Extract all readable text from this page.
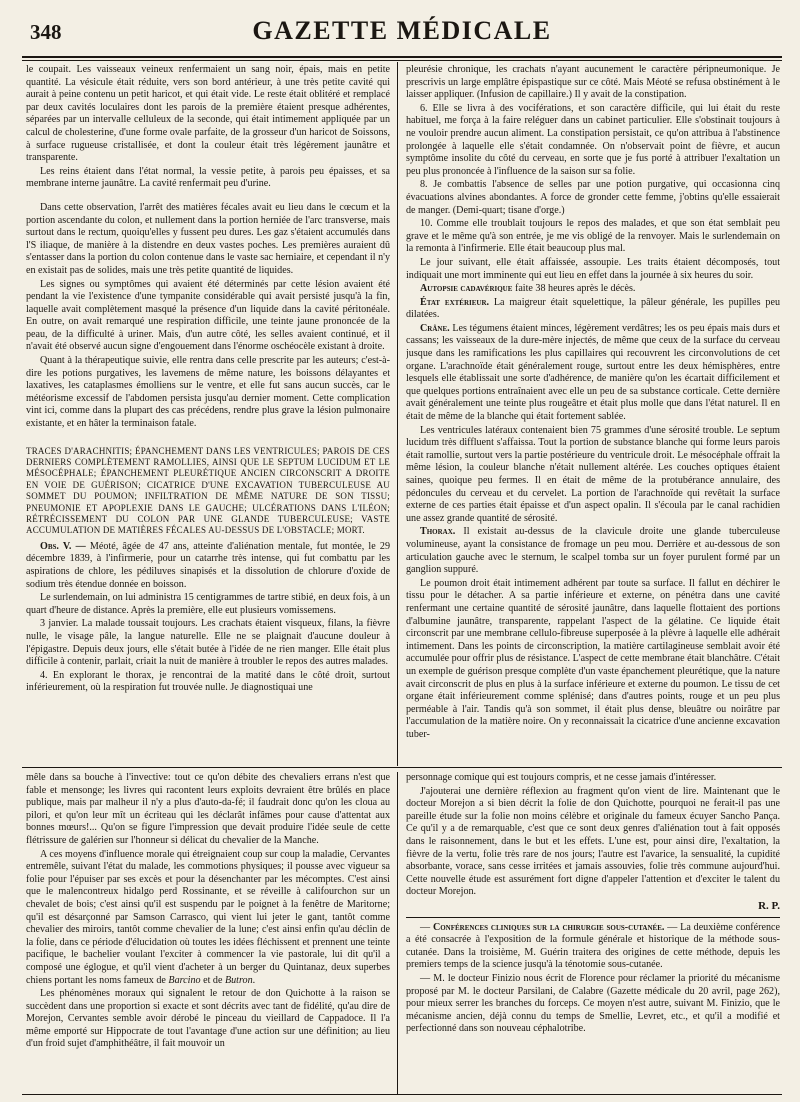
348	GAZETTE MÉDICALE

le coupait. Les vaisseaux veineux renfermaient un sang noir, épais, mais en petite quantité. La vésicule était réduite, vers son bord antérieur, à une très petite cavité qui aurait à peine contenu un petit haricot, et qui était vide. Le reste était oblitéré et remplacé par deux cavités loculaires dont les parois de la première étaient presque adhérentes, séparées par un intervalle celluleux de la seconde, qui était intimement appliquée par un calcul de cholesterine, d'une forme ovale parfaite, de la grosseur d'un haricot de Soissons, à surface rugueuse cristallisée, et dont la couleur était très légèrement jaunâtre et transparente.

Les reins étaient dans l'état normal, la vessie petite, à parois peu épaisses, et sa membrane interne jaunâtre. La cavité renfermait peu d'urine.

Dans cette observation, l'arrêt des matières fécales avait eu lieu dans le cœcum et la portion ascendante du colon, et nullement dans la portion herniée de l'arc transverse, mais surtout dans le rectum, quoiqu'elles y fussent peu dures. Les gaz s'étaient accumulés dans l'S iliaque, de manière à la distendre en deux vastes poches. Les premières auraient dû s'entasser dans la portion du colon contenue dans le vaste sac herniaire, et cependant il n'y en existait pas de solides, mais une très petite quantité de liquides.

Les signes ou symptômes qui avaient été déterminés par cette lésion avaient été pendant la vie l'existence d'une tympanite considérable qui avait persisté jusqu'à la fin, laquelle avait complètement masqué la présence d'un liquide dans la cavité péritonéale. En outre, on avait remarqué une respiration difficile, une teinte jaune prononcée de la peau, de la difficulté à uriner. Mais, d'un autre côté, les selles avaient continué, et il n'avait été observé aucun signe d'engouement dans l'énorme oschéocèle existant à droite.

Quant à la thérapeutique suivie, elle rentra dans celle prescrite par les auteurs; c'est-à-dire les potions purgatives, les lavemens de même nature, les boissons délayantes et laxatives, les cataplasmes émolliens sur le ventre, et elle fut sans aucun succès, car le météorisme excessif de l'abdomen persista jusqu'au dernier moment. Cette complication vint ici, comme dans la plupart des cas précédens, rendre plus grave la lésion pulmonaire existante, et en hâter la terminaison fatale.

TRACES D'ARACHNITIS; ÉPANCHEMENT DANS LES VENTRICULES; PAROIS DE CES DERNIERS COMPLÈTEMENT RAMOLLIES, AINSI QUE LE SEPTUM LUCIDUM ET LE MÉSOCÉPHALE; ÉPANCHEMENT PLEURÉTIQUE ANCIEN CIRCONSCRIT A DROITE EN VOIE DE GUÉRISON; CICATRICE D'UNE EXCAVATION TUBERCULEUSE AU SOMMET DU POUMON; INFILTRATION DE MÊME NATURE DE SON TISSU; PNEUMONIE ET APOPLEXIE DANS LE GAUCHE; ULCÉRATIONS DANS L'ILÉON; RÉTRÉCISSEMENT DU COLON PAR UNE GLANDE TUBERCULEUSE; VASTE ACCUMULATION DE MATIÈRES FÉCALES AU-DESSUS DE L'OBSTACLE; MORT.

Obs. V. — Méoté, âgée de 47 ans, atteinte d'aliénation mentale, fut montée, le 29 décembre 1839, à l'infirmerie, pour un catarrhe très intense, qui fut combattu par les aspirations de chlore, les pédiluves sinapisés et la dissolution de chlorure d'oxide de sodium très étendue donnée en boisson.

Le surlendemain, on lui administra 15 centigrammes de tartre stibié, en deux fois, à un quart d'heure de distance. Après la première, elle eut plusieurs vomissemens.

3 janvier. La malade toussait toujours. Les crachats étaient visqueux, filans, la fièvre nulle, le visage pâle, la langue naturelle. Elle ne se plaignait d'aucune douleur à l'épigastre. Depuis deux jours, elle s'était butée à l'idée de ne rien manger. Elle était plus difficile à contenir, parlait, criait la nuit de manière à troubler le repos des autres malades.

4. En explorant le thorax, je rencontrai de la matité dans le côté droit, surtout inférieurement, où la respiration fut trouvée nulle. Je diagnostiquai une

pleurésie chronique, les crachats n'ayant aucunement le caractère péripneumonique. Je prescrivis un large emplâtre épispastique sur ce côté. Mais Méoté se refusa obstinément à le laisser appliquer. (Infusion de capillaire.) Il y avait de la constipation.

6. Elle se livra à des vociférations, et son caractère difficile, qui lui était du reste habituel, me força à la faire reléguer dans un cabinet particulier. Elle s'obstinait toujours à ne vouloir prendre aucun aliment. La constipation persistait, ce qu'on attribua à l'abstinence prolongée à laquelle elle s'était condamnée. On n'observait point de fièvre, et aucun symptôme insolite du côté du cerveau, en sorte que je fus porté à attribuer l'exaltation un peu plus prononcée à l'influence de la saison sur sa folie.

8. Je combattis l'absence de selles par une potion purgative, qui occasionna cinq évacuations alvines abondantes. A force de gronder cette femme, j'obtins qu'elle essaierait de manger. (Demi-quart; tisane d'orge.)

10. Comme elle troublait toujours le repos des malades, et que son état semblait peu grave et le même qu'à son entrée, je me vis obligé de la renvoyer. Mais le surlendemain on la remonta à l'infirmerie. Elle était beaucoup plus mal.

Le jour suivant, elle était affaissée, assoupie. Les traits étaient décomposés, tout indiquait une mort imminente qui eut lieu en effet dans la journée à six heures du soir.

Autopsie cadavérique faite 38 heures après le décès.

État extérieur. La maigreur était squelettique, la pâleur générale, les pupilles peu dilatées.

Crâne. Les tégumens étaient minces, légèrement verdâtres; les os peu épais mais durs et cassans; les vaisseaux de la dure-mère injectés, de même que ceux de la surface du cerveau jusque dans les ramifications les plus capillaires qui recouvrent les circonvolutions de cet organe. L'arachnoïde était généralement rouge, surtout entre les deux hémisphères, entre lesquels elle établissait une sorte d'adhérence, de manière qu'on les écartait difficilement et que quelques portions entraînaient avec elle un peu de sa substance corticale. Cette dernière avait généralement une teinte plus rougeâtre et était plus molle que dans l'état naturel. Il en était de même de la blanche qui était fortement sablée.

Les ventricules latéraux contenaient bien 75 grammes d'une sérosité trouble. Le septum lucidum très diffluent s'affaissa. Tout la portion de substance blanche qui forme leurs parois était ramollie, surtout vers la partie postérieure du ventricule droit. Le mésocéphale offrait la même lésion, la couleur blanche n'était nullement altérée. Les couches optiques étaient saines, quoique peu fermes. Il en était de même de la protubérance annulaire, des pédoncules du cerveau et du cervelet. La portion de l'arachnoïde qui revêtait la surface externe de ces parties était épaisse et d'un aspect opalin. Il s'écoula par le canal rachidien une assez grande quantité de sérosité.

Thorax. Il existait au-dessus de la clavicule droite une glande tuberculeuse volumineuse, ayant la consistance de fromage un peu mou. Derrière et au-dessous de son articulation gauche avec le sternum, le scalpel tomba sur un foyer purulent formé par un ganglion suppuré.

Le poumon droit était intimement adhérent par toute sa surface. Il fallut en déchirer le tissu pour le détacher. A sa partie inférieure et externe, on pénétra dans une cavité renfermant une certaine quantité de sérosité jaunâtre, dans laquelle flottaient des portions d'albumine jaunâtre, transparente, rappelant l'aspect de la gélatine. Ce liquide était circonscrit par une membrane cellulo-fibreuse superposée à la plèvre à laquelle elle adhérait intimement. Dans les points de circonscription, la matière cartilagineuse semblait avoir été accumulée pour offrir plus de résistance. L'aspect de cette membrane était blanchâtre. C'était un exemple de guérison presque complète d'un vaste épanchement pleurétique, que la nature avait circonscrit de plus en plus à la surface inférieure et externe du poumon. Le tissu de cet organe était inférieurement comme splénisé; dans d'autres points, rouge et un peu plus perméable à l'air. Tandis qu'à son sommet, il était plus dense, bleuâtre ou noirâtre par l'accumulation de la matière noire. On y reconnaissait la cicatrice d'une ancienne excavation tuber-

mêle dans sa bouche à l'invective: tout ce qu'on débite des chevaliers errans n'est que fable et mensonge; les livres qui racontent leurs exploits devraient être brûlés en place publique, mais par malheur il n'y a plus d'auto-da-fé; il faudrait donc qu'on les cloua au pilori, et qu'on leur mît un écriteau qui les déclarât infâmes pour cause d'attentat aux bonnes mœurs!... Qu'on se figure l'impression que devait produire l'idée seule de cette flétrissure de galérien sur l'honneur si délicat du chevalier de la Manche.

A ces moyens d'influence morale qui étreignaient coup sur coup la maladie, Cervantes entremêle, suivant l'état du malade, les commotions physiques; il pousse avec vigueur sa folie pour l'épuiser par ses excès et pour la désenchanter par les mécomptes. C'est ainsi que le malencontreux hidalgo perd Rossinante, et se réveille à califourchon sur un chevalet de bois; c'est ainsi qu'il est suspendu par le poignet à la fenêtre de Maritorne; qu'il est désarçonné par Samson Carrasco, qui vient lui jeter le gant, tantôt comme chevalier des miroirs, tantôt comme chevalier de la lune; c'est ainsi enfin qu'au déclin de la folie, dans ce période d'élucidation où toutes les idées fléchissent et prennent une teinte pacifique, le bachelier voulant l'exciter à commencer la vie pastorale, lui dit qu'il a composé une églogue, et qu'il vient d'acheter à un berger du Quintanaz, deux superbes chiens portant les noms fameux de Barcino et de Butron.

Les phénomènes moraux qui signalent le retour de don Quichotte à la raison se succèdent dans une proportion si exacte et sont décrits avec tant de fidélité, qu'au dire de Morejon, Cervantes semble avoir dérobé le pinceau du vieillard de Cappadoce. Il l'a même emporté sur Hippocrate de tout l'avantage d'une action sur une définition; au lieu d'un froid sujet d'amphithéâtre, il fait mouvoir un

personnage comique qui est toujours compris, et ne cesse jamais d'intéresser.

J'ajouterai une dernière réflexion au fragment qu'on vient de lire. Maintenant que le docteur Morejon a si bien décrit la folie de don Quichotte, pourquoi ne ferait-il pas une pareille étude sur la folie non moins célèbre et originale du fameux écuyer Sancho Pança. Ce qu'il y a de remarquable, c'est que ce sont deux genres d'aliénation tout à fait opposés dans le raisonnement, dans le but et les effets. L'une est, pour ainsi dire, l'exaltation, la fièvre de la vertu, folie très rare de nos jours; l'autre est l'avarice, la sensualité, la cupidité absorbante, vorace, sans cesse irritées et jamais assouvies, folie très commune aujourd'hui. Cette nouvelle étude est assurément fort digne d'appeler l'attention et d'exciter le talent du docteur Morejon.

R. P.

— Conférences cliniques sur la chirurgie sous-cutanée. — La deuxième conférence a été consacrée à l'exposition de la formule générale et historique de la méthode sous-cutanée. Dans la troisième, M. Guérin traitera des origines de cette méthode, depuis les premiers temps de la science jusqu'à la ténotomie sous-cutanée.

— M. le docteur Finizio nous écrit de Florence pour réclamer la priorité du mécanisme proposé par M. le docteur Parsilani, de Calabre (Gazette médicale du 20 avril, page 262), pour mieux serrer les branches du forceps. Ce moyen n'est autre, suivant M. Finizio, que le mécanisme ancien, déjà connu du temps de Smellie, Levret, etc., et qu'il a modifié et perfectionné dans son nouveau céphalotribe.
